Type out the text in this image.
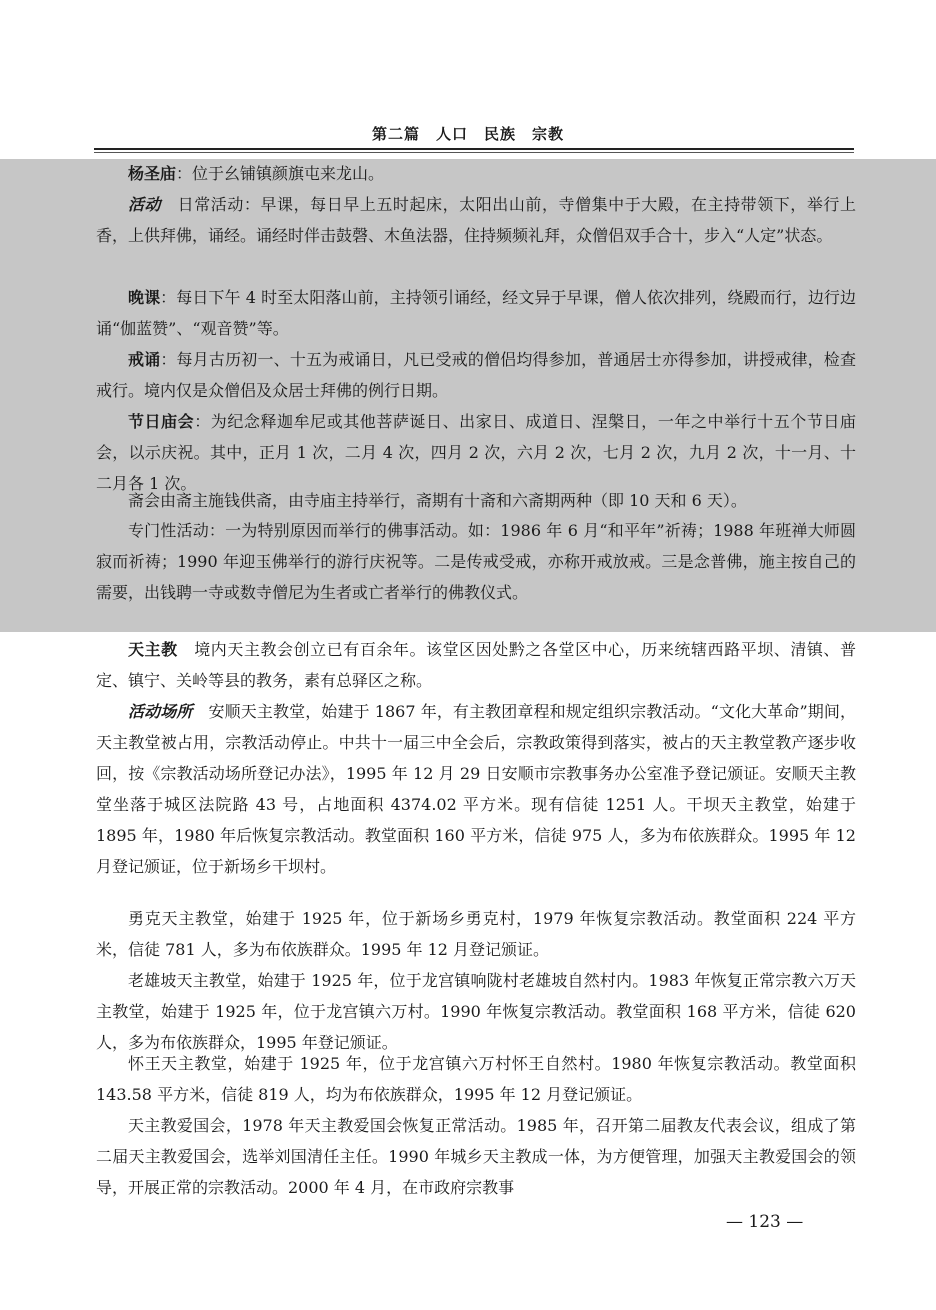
第二篇　人口　民族　宗教

杨圣庙：位于幺铺镇颜旗屯来龙山。

活动　日常活动：早课，每日早上五时起床，太阳出山前，寺僧集中于大殿，在主持带领下，举行上香，上供拜佛，诵经。诵经时伴击鼓磬、木鱼法器，住持频频礼拜，众僧侣双手合十，步入“人定”状态。

晚课：每日下午 4 时至太阳落山前，主持领引诵经，经文异于早课，僧人依次排列，绕殿而行，边行边诵“伽蓝赞”、“观音赞”等。

戒诵：每月古历初一、十五为戒诵日，凡已受戒的僧侣均得参加，普通居士亦得参加，讲授戒律，检查戒行。境内仅是众僧侣及众居士拜佛的例行日期。

节日庙会：为纪念释迦牟尼或其他菩萨诞日、出家日、成道日、涅槃日，一年之中举行十五个节日庙会，以示庆祝。其中，正月 1 次，二月 4 次，四月 2 次，六月 2 次，七月 2 次，九月 2 次，十一月、十二月各 1 次。

斋会由斋主施钱供斋，由寺庙主持举行，斋期有十斋和六斋期两种（即 10 天和 6 天）。

专门性活动：一为特别原因而举行的佛事活动。如：1986 年 6 月“和平年”祈祷；1988 年班禅大师圆寂而祈祷；1990 年迎玉佛举行的游行庆祝等。二是传戒受戒，亦称开戒放戒。三是念普佛，施主按自己的需要，出钱聘一寺或数寺僧尼为生者或亡者举行的佛教仪式。

天主教　境内天主教会创立已有百余年。该堂区因处黔之各堂区中心，历来统辖西路平坝、清镇、普定、镇宁、关岭等县的教务，素有总驿区之称。

活动场所　安顺天主教堂，始建于 1867 年，有主教团章程和规定组织宗教活动。“文化大革命”期间，天主教堂被占用，宗教活动停止。中共十一届三中全会后，宗教政策得到落实，被占的天主教堂教产逐步收回，按《宗教活动场所登记办法》，1995 年 12 月 29 日安顺市宗教事务办公室准予登记颁证。安顺天主教堂坐落于城区法院路 43 号，占地面积 4374.02 平方米。现有信徒 1251 人。干坝天主教堂，始建于 1895 年，1980 年后恢复宗教活动。教堂面积 160 平方米，信徒 975 人，多为布依族群众。1995 年 12 月登记颁证，位于新场乡干坝村。

勇克天主教堂，始建于 1925 年，位于新场乡勇克村，1979 年恢复宗教活动。教堂面积 224 平方米，信徒 781 人，多为布依族群众。1995 年 12 月登记颁证。

老雄坡天主教堂，始建于 1925 年，位于龙宫镇响陇村老雄坡自然村内。1983 年恢复正常宗教六万天主教堂，始建于 1925 年，位于龙宫镇六万村。1990 年恢复宗教活动。教堂面积 168 平方米，信徒 620 人，多为布依族群众，1995 年登记颁证。

怀王天主教堂，始建于 1925 年，位于龙宫镇六万村怀王自然村。1980 年恢复宗教活动。教堂面积 143.58 平方米，信徒 819 人，均为布依族群众，1995 年 12 月登记颁证。

天主教爱国会，1978 年天主教爱国会恢复正常活动。1985 年，召开第二届教友代表会议，组成了第二届天主教爱国会，选举刘国清任主任。1990 年城乡天主教成一体，为方便管理，加强天主教爱国会的领导，开展正常的宗教活动。2000 年 4 月，在市政府宗教事

— 123 —
